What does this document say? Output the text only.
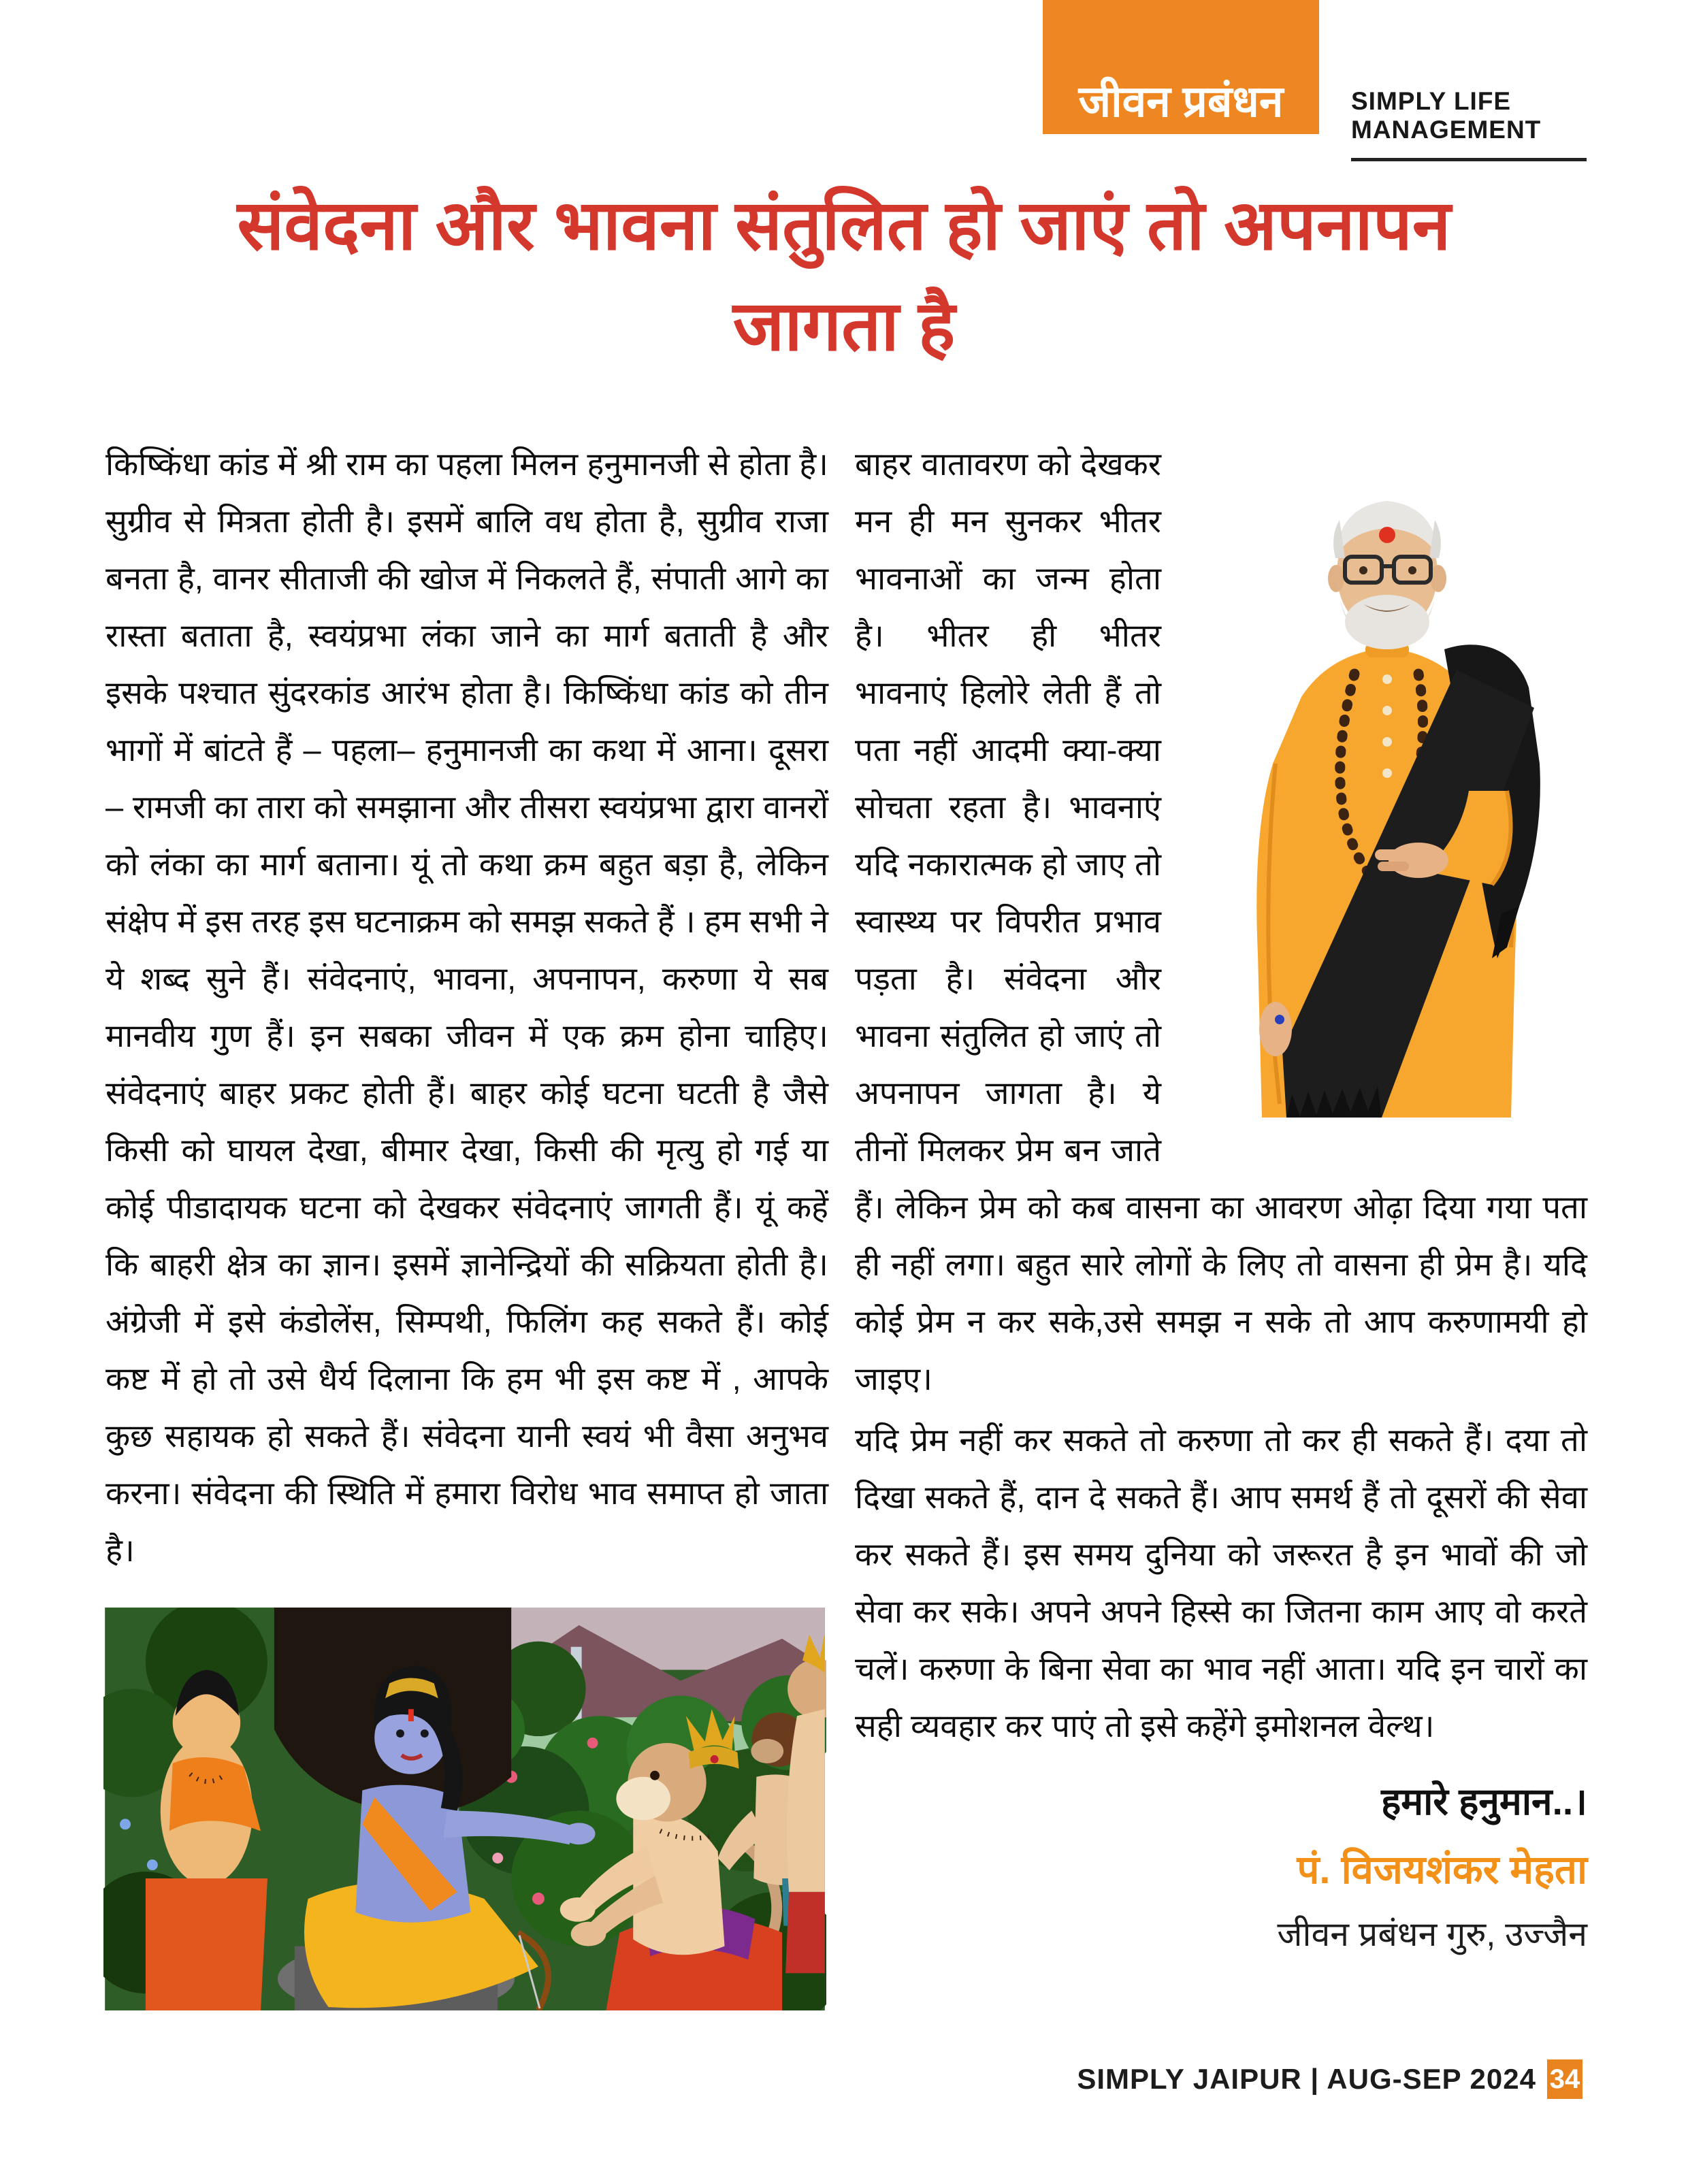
जीवन प्रबंधन	SIMPLY LIFE MANAGEMENT
संवेदना और भावना संतुलित हो जाएं तो अपनापन
जागता है

किष्किंधा कांड में श्री राम का पहला मिलन हनुमानजी से होता है। सुग्रीव से मित्रता होती है। इसमें बालि वध होता है, सुग्रीव राजा बनता है, वानर सीताजी की खोज में निकलते हैं, संपाती आगे का रास्ता बताता है, स्वयंप्रभा लंका जाने का मार्ग बताती है और इसके पश्चात सुंदरकांड आरंभ होता है। किष्किंधा कांड को तीन भागों में बांटते हैं – पहला– हनुमानजी का कथा में आना। दूसरा – रामजी का तारा को समझाना और तीसरा स्वयंप्रभा द्वारा वानरों को लंका का मार्ग बताना। यूं तो कथा क्रम बहुत बड़ा है, लेकिन संक्षेप में इस तरह इस घटनाक्रम को समझ सकते हैं । हम सभी ने ये शब्द सुने हैं। संवेदनाएं, भावना, अपनापन, करुणा ये सब मानवीय गुण हैं। इन सबका जीवन में एक क्रम होना चाहिए। संवेदनाएं बाहर प्रकट होती हैं। बाहर कोई घटना घटती है जैसे किसी को घायल देखा, बीमार देखा, किसी की मृत्यु हो गई या कोई पीडादायक घटना को देखकर संवेदनाएं जागती हैं। यूं कहें कि बाहरी क्षेत्र का ज्ञान। इसमें ज्ञानेन्द्रियों की सक्रियता होती है। अंग्रेजी में इसे कंडोलेंस, सिम्पथी, फिलिंग कह सकते हैं। कोई कष्ट में हो तो उसे धैर्य दिलाना कि हम भी इस कष्ट में , आपके कुछ सहायक हो सकते हैं। संवेदना यानी स्वयं भी वैसा अनुभव करना। संवेदना की स्थिति में हमारा विरोध भाव समाप्त हो जाता है।

बाहर वातावरण को देखकर मन ही मन सुनकर भीतर भावनाओं का जन्म होता है। भीतर ही भीतर भावनाएं हिलोरे लेती हैं तो पता नहीं आदमी क्या-क्या सोचता रहता है। भावनाएं यदि नकारात्मक हो जाए तो स्वास्थ्य पर विपरीत प्रभाव पड़ता है। संवेदना और भावना संतुलित हो जाएं तो अपनापन जागता है। ये तीनों मिलकर प्रेम बन जाते हैं। लेकिन प्रेम को कब वासना का आवरण ओढ़ा दिया गया पता ही नहीं लगा। बहुत सारे लोगों के लिए तो वासना ही प्रेम है। यदि कोई प्रेम न कर सके,उसे समझ न सके तो आप करुणामयी हो जाइए।

यदि प्रेम नहीं कर सकते तो करुणा तो कर ही सकते हैं। दया तो दिखा सकते हैं, दान दे सकते हैं। आप समर्थ हैं तो दूसरों की सेवा कर सकते हैं। इस समय दुनिया को जरूरत है इन भावों की जो सेवा कर सके। अपने अपने हिस्से का जितना काम आए वो करते चलें। करुणा के बिना सेवा का भाव नहीं आता। यदि इन चारों का सही व्यवहार कर पाएं तो इसे कहेंगे इमोशनल वेल्थ।

हमारे हनुमान..।
पं. विजयशंकर मेहता
जीवन प्रबंधन गुरु, उज्जैन
SIMPLY JAIPUR | AUG-SEP 2024 34
